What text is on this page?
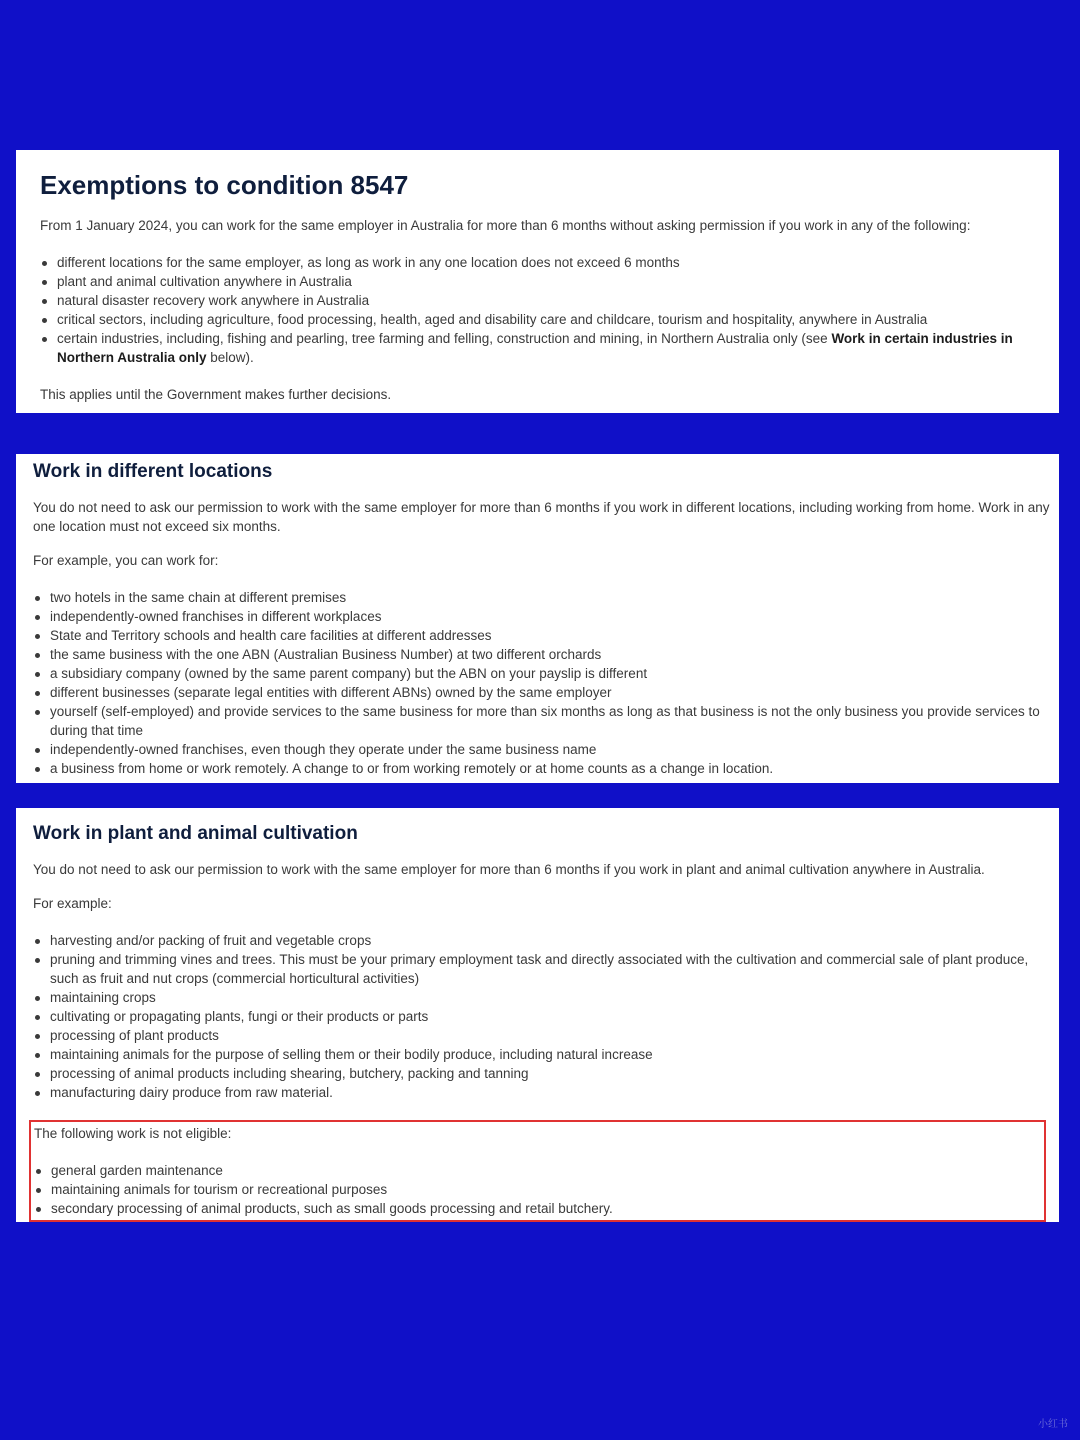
Exemptions to condition 8547

From 1 January 2024, you can work for the same employer in Australia for more than 6 months without asking permission if you work in any of the following:

different locations for the same employer, as long as work in any one location does not exceed 6 months
plant and animal cultivation anywhere in Australia
natural disaster recovery work anywhere in Australia
critical sectors, including agriculture, food processing, health, aged and disability care and childcare, tourism and hospitality, anywhere in Australia
certain industries, including, fishing and pearling, tree farming and felling, construction and mining, in Northern Australia only (see Work in certain industries in Northern Australia only below).

This applies until the Government makes further decisions.

Work in different locations

You do not need to ask our permission to work with the same employer for more than 6 months if you work in different locations, including working from home. Work in any one location must not exceed six months.

For example, you can work for:

two hotels in the same chain at different premises
independently-owned franchises in different workplaces
State and Territory schools and health care facilities at different addresses
the same business with the one ABN (Australian Business Number) at two different orchards
a subsidiary company (owned by the same parent company) but the ABN on your payslip is different
different businesses (separate legal entities with different ABNs) owned by the same employer
yourself (self-employed) and provide services to the same business for more than six months as long as that business is not the only business you provide services to during that time
independently-owned franchises, even though they operate under the same business name
a business from home or work remotely. A change to or from working remotely or at home counts as a change in location.
Work in plant and animal cultivation

You do not need to ask our permission to work with the same employer for more than 6 months if you work in plant and animal cultivation anywhere in Australia.

For example:

harvesting and/or packing of fruit and vegetable crops
pruning and trimming vines and trees. This must be your primary employment task and directly associated with the cultivation and commercial sale of plant produce, such as fruit and nut crops (commercial horticultural activities)
maintaining crops
cultivating or propagating plants, fungi or their products or parts
processing of plant products
maintaining animals for the purpose of selling them or their bodily produce, including natural increase
processing of animal products including shearing, butchery, packing and tanning
manufacturing dairy produce from raw material.

The following work is not eligible:

general garden maintenance
maintaining animals for tourism or recreational purposes
secondary processing of animal products, such as small goods processing and retail butchery.
小红书
